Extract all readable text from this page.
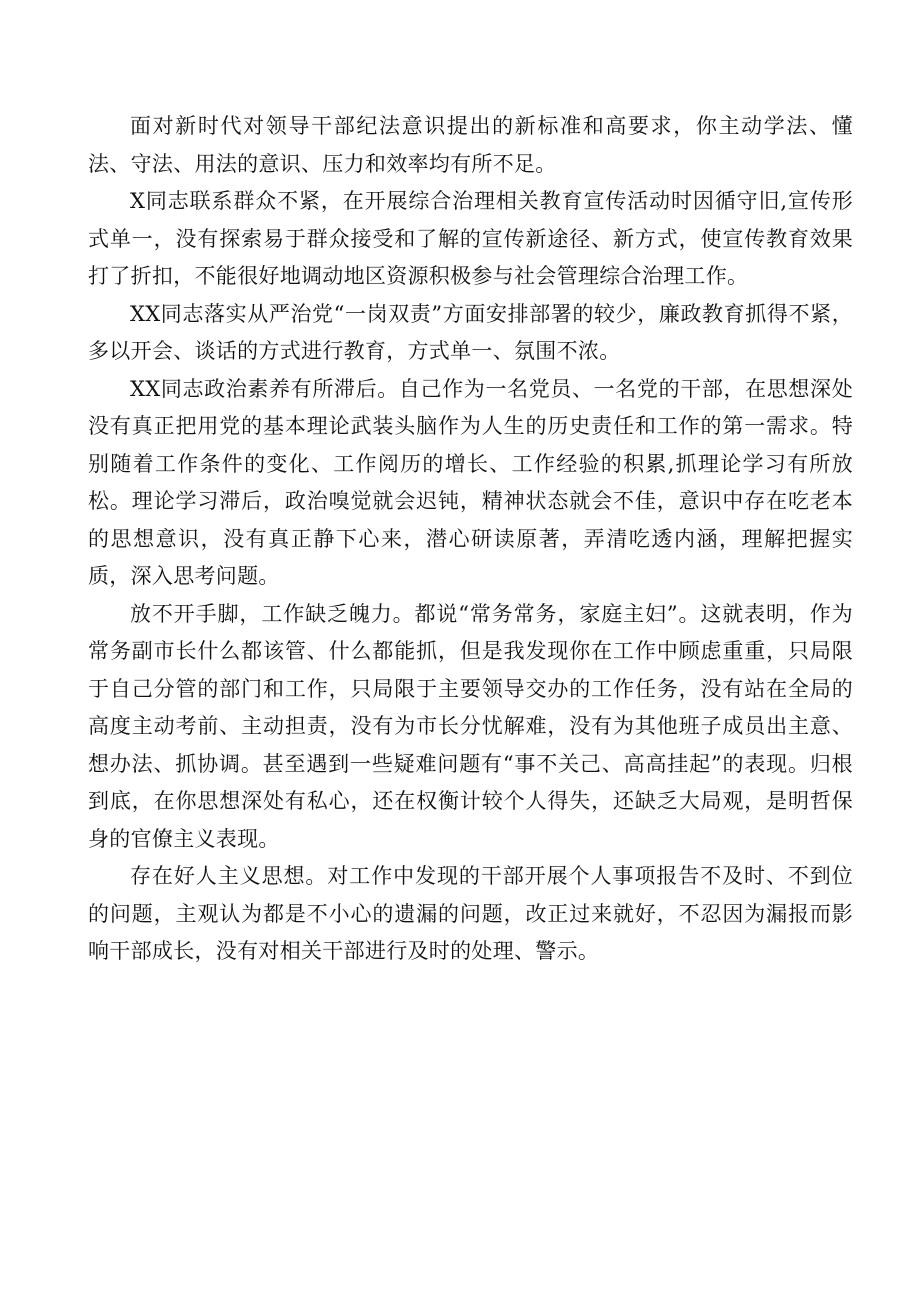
面对新时代对领导干部纪法意识提出的新标准和高要求，你主动学法、懂法、守法、用法的意识、压力和效率均有所不足。

X同志联系群众不紧，在开展综合治理相关教育宣传活动时因循守旧,宣传形式单一，没有探索易于群众接受和了解的宣传新途径、新方式，使宣传教育效果打了折扣，不能很好地调动地区资源积极参与社会管理综合治理工作。

XX同志落实从严治党“一岗双责”方面安排部署的较少，廉政教育抓得不紧，多以开会、谈话的方式进行教育，方式单一、氛围不浓。

XX同志政治素养有所滞后。自己作为一名党员、一名党的干部，在思想深处没有真正把用党的基本理论武装头脑作为人生的历史责任和工作的第一需求。特别随着工作条件的变化、工作阅历的增长、工作经验的积累,抓理论学习有所放松。理论学习滞后，政治嗅觉就会迟钝，精神状态就会不佳，意识中存在吃老本的思想意识，没有真正静下心来，潜心研读原著，弄清吃透内涵，理解把握实质，深入思考问题。

放不开手脚，工作缺乏魄力。都说“常务常务，家庭主妇”。这就表明，作为常务副市长什么都该管、什么都能抓，但是我发现你在工作中顾虑重重，只局限于自己分管的部门和工作，只局限于主要领导交办的工作任务，没有站在全局的高度主动考前、主动担责，没有为市长分忧解难，没有为其他班子成员出主意、想办法、抓协调。甚至遇到一些疑难问题有“事不关己、高高挂起”的表现。归根到底，在你思想深处有私心，还在权衡计较个人得失，还缺乏大局观，是明哲保身的官僚主义表现。

存在好人主义思想。对工作中发现的干部开展个人事项报告不及时、不到位的问题，主观认为都是不小心的遗漏的问题，改正过来就好，不忍因为漏报而影响干部成长，没有对相关干部进行及时的处理、警示。
